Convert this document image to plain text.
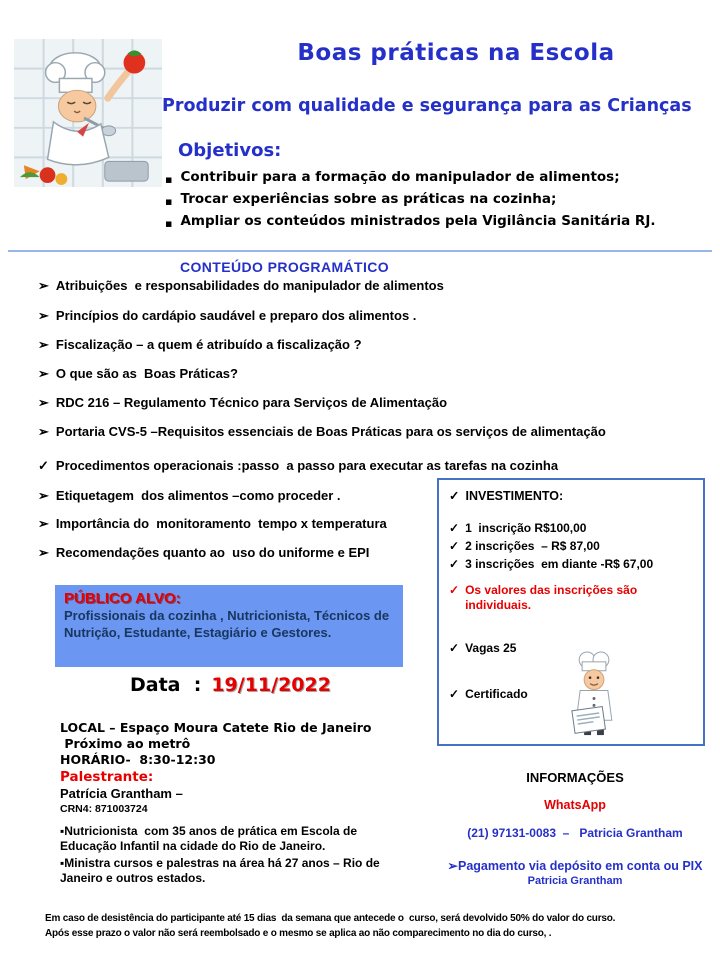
Boas práticas na Escola
Produzir com qualidade e segurança para as Crianças
Objetivos:
▪ Contribuir para a formação do manipulador de alimentos;
▪ Trocar experiências sobre as práticas na cozinha;
▪ Ampliar os conteúdos ministrados pela Vigilância Sanitária RJ.
CONTEÚDO PROGRAMÁTICO
➢ Atribuições  e responsabilidades do manipulador de alimentos
➢ Princípios do cardápio saudável e preparo dos alimentos .
➢ Fiscalização – a quem é atribuído a fiscalização ?
➢ O que são as  Boas Práticas?
➢ RDC 216 – Regulamento Técnico para Serviços de Alimentação
➢ Portaria CVS-5 –Requisitos essenciais de Boas Práticas para os serviços de alimentação
✓ Procedimentos operacionais :passo  a passo para executar as tarefas na cozinha
➢ Etiquetagem  dos alimentos –como proceder .
➢ Importância do  monitoramento  tempo x temperatura
➢ Recomendações quanto ao  uso do uniforme e EPI
✓ INVESTIMENTO:
✓ 1  inscrição R$100,00
✓ 2 inscrições  – R$ 87,00
✓ 3 inscrições  em diante -R$ 67,00
✓ Os valores das inscrições são individuais.
✓ Vagas 25
✓ Certificado
PÚBLICO ALVO:
Profissionais da cozinha , Nutricionista, Técnicos de Nutrição, Estudante, Estagiário e Gestores.
Data  : 19/11/2022
LOCAL – Espaço Moura Catete Rio de Janeiro
Próximo ao metrô
HORÁRIO-  8:30-12:30
Palestrante:
Patrícia Grantham –
CRN4: 871003724
▪Nutricionista  com 35 anos de prática em Escola de Educação Infantil na cidade do Rio de Janeiro.
▪Ministra cursos e palestras na área há 27 anos – Rio de Janeiro e outros estados.
INFORMAÇÕES
WhatsApp
(21) 97131-0083  –   Patricia Grantham
➢Pagamento via depósito em conta ou PIX
Patricia Grantham
Em caso de desistência do participante até 15 dias  da semana que antecede o  curso, será devolvido 50% do valor do curso.
Após esse prazo o valor não será reembolsado e o mesmo se aplica ao não comparecimento no dia do curso, .
